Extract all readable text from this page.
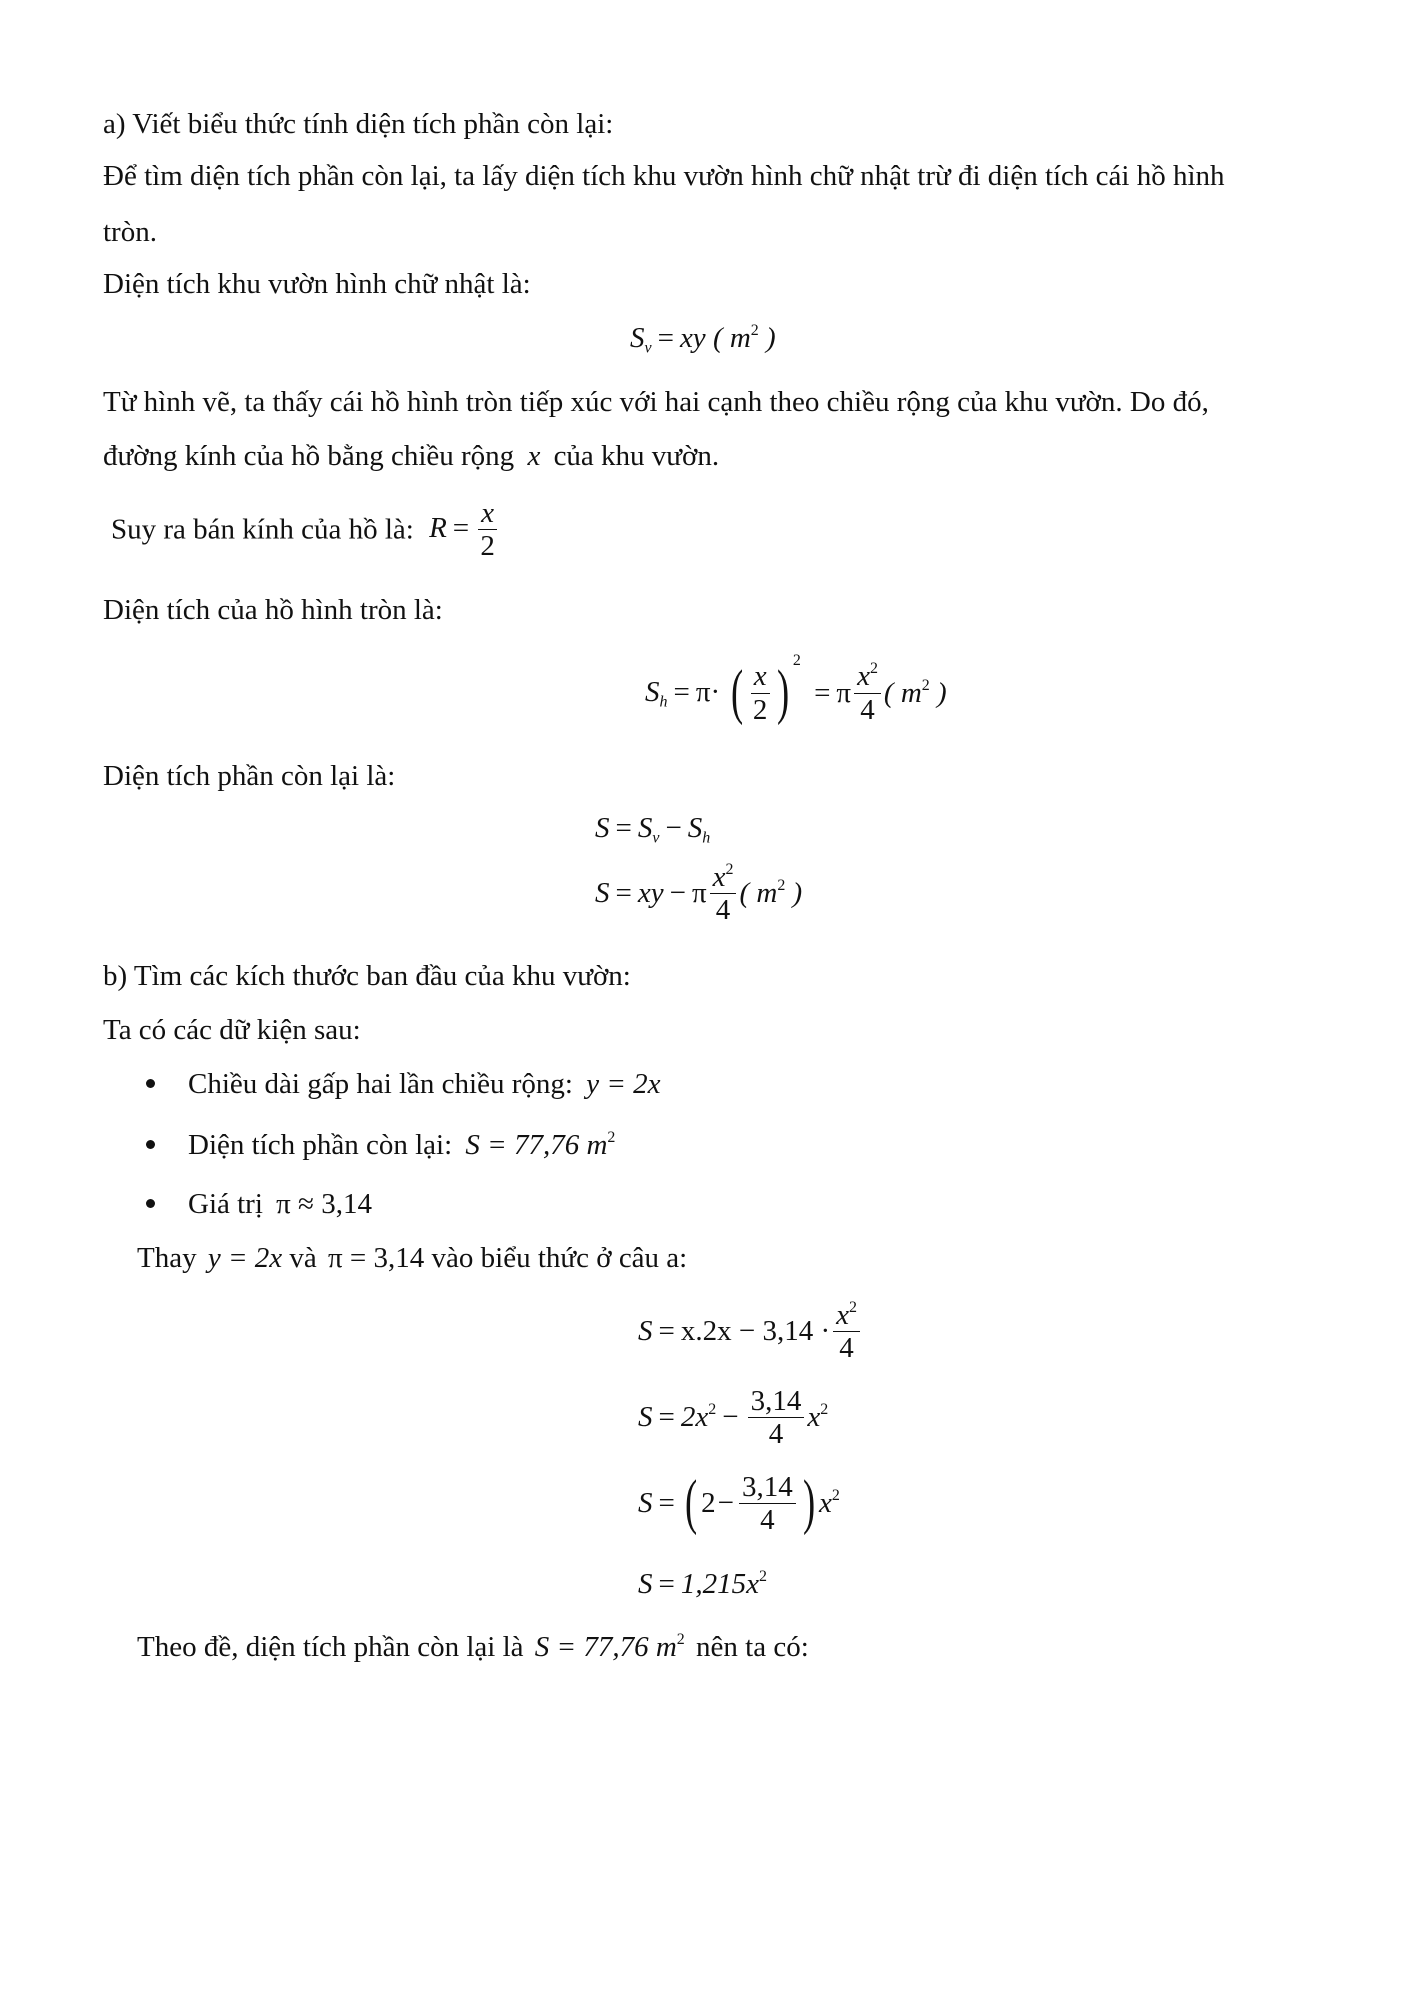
a) Viết biểu thức tính diện tích phần còn lại:
Để tìm diện tích phần còn lại, ta lấy diện tích khu vườn hình chữ nhật trừ đi diện tích cái hồ hình
tròn.
Diện tích khu vườn hình chữ nhật là:
$S_v$ = xy ( $m^2$ )
Từ hình vẽ, ta thấy cái hồ hình tròn tiếp xúc với hai cạnh theo chiều rộng của khu vườn. Do đó,
đường kính của hồ bằng chiều rộng x của khu vườn.
Suy ra bán kính của hồ là: $R = \frac{x}{2}$
Diện tích của hồ hình tròn là:
$S_h = \pi\cdot$ ( $\frac{x}{2}$ ) $^2$ = π $\frac{x^2}{4}$ ( $m^2$ )
Diện tích phần còn lại là:
$S = S_v - S_h$
S = xy − π $\frac{x^2}{4}$ ( $m^2$ )
b) Tìm các kích thước ban đầu của khu vườn:
Ta có các dữ kiện sau:
Chiều dài gấp hai lần chiều rộng: y = 2x
Diện tích phần còn lại: S = 77,76 $m^2$
Giá trị π ≈ 3,14
Thay y = 2x và π = 3,14 vào biểu thức ở câu a:
$S = x.2x - 3,14 \cdot \frac{x^2}{4}$
$S = 2x^2 - \frac{3,14}{4} x^2$
S = ( $2- \frac{3,14}{4}$ ) $x^2$
$S = 1,215x^2$
Theo đề, diện tích phần còn lại là S = 77,76 $m^2$ nên ta có:
